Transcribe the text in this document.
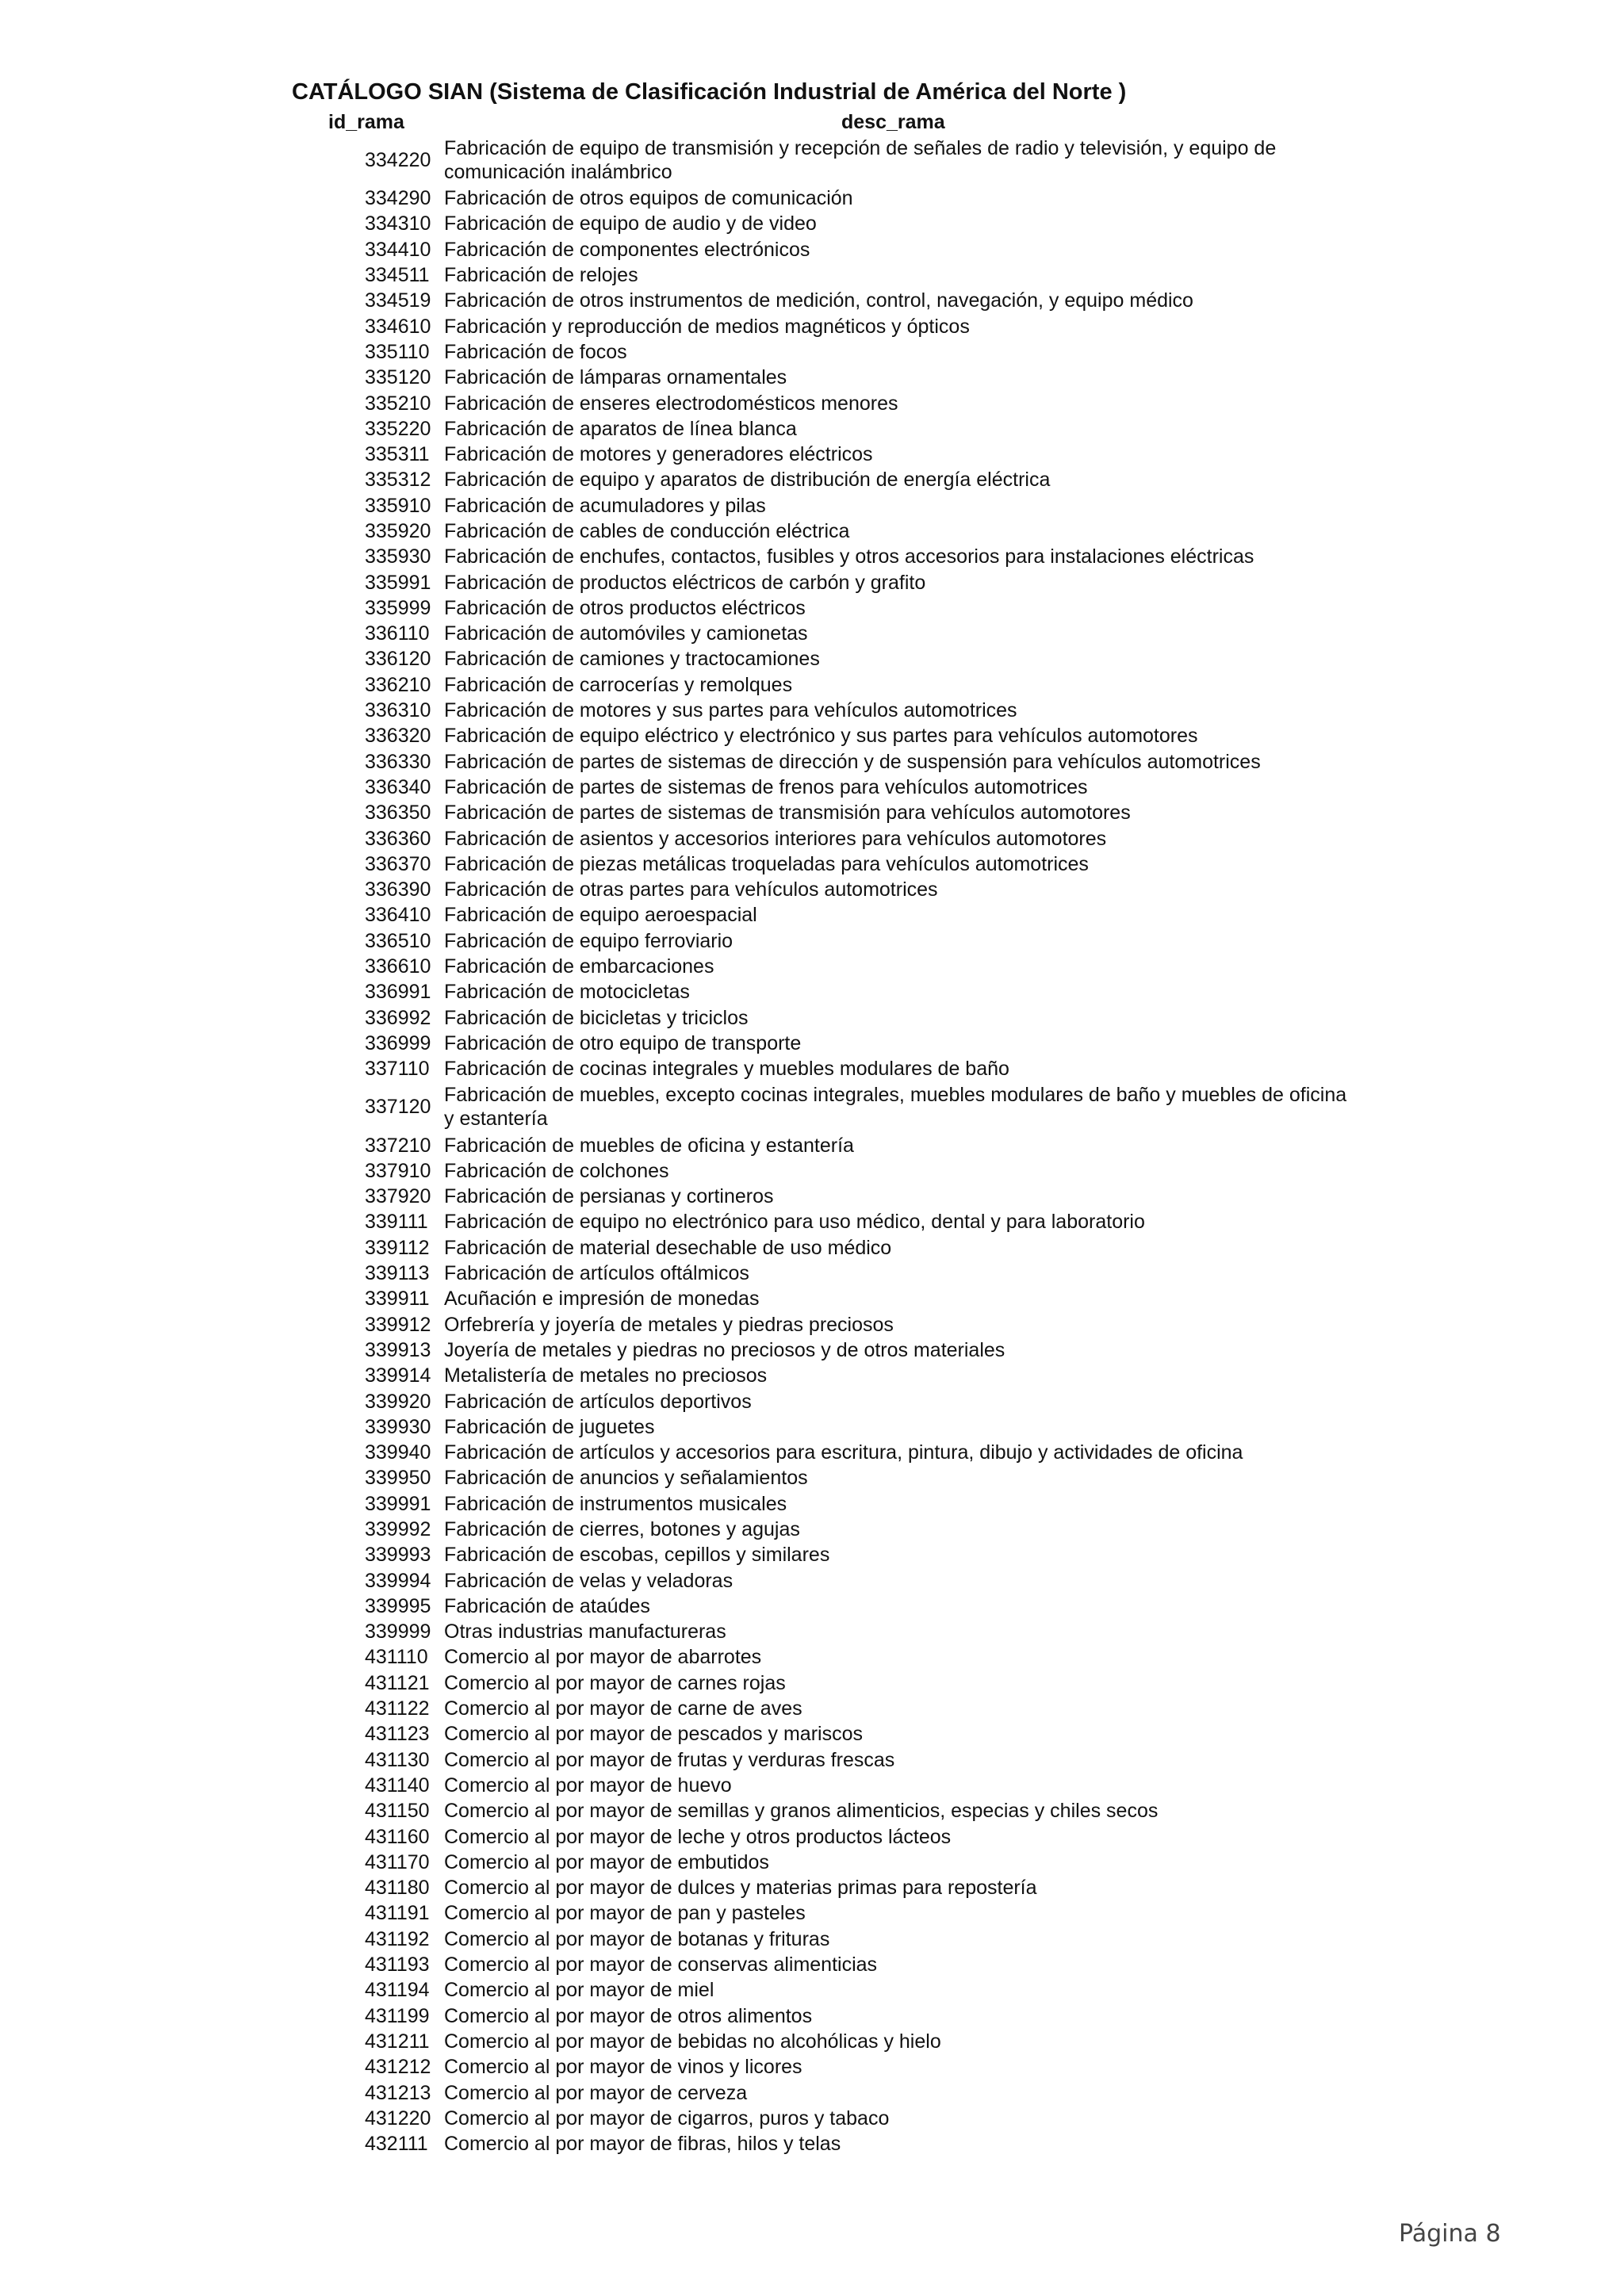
CATÁLOGO SIAN (Sistema de Clasificación Industrial de América del Norte )
id_rama	desc_rama
334220
Fabricación de equipo de transmisión y recepción de señales de radio y televisión, y equipo de comunicación inalámbrico
334290 Fabricación de otros equipos de comunicación
334310 Fabricación de equipo de audio y de video
334410 Fabricación de componentes electrónicos
334511 Fabricación de relojes
334519 Fabricación de otros instrumentos de medición, control, navegación, y equipo médico
334610 Fabricación y reproducción de medios magnéticos y ópticos
335110 Fabricación de focos
335120 Fabricación de lámparas ornamentales
335210 Fabricación de enseres electrodomésticos menores
335220 Fabricación de aparatos de línea blanca
335311 Fabricación de motores y generadores eléctricos
335312 Fabricación de equipo y aparatos de distribución de energía eléctrica
335910 Fabricación de acumuladores y pilas
335920 Fabricación de cables de conducción eléctrica
335930 Fabricación de enchufes, contactos, fusibles y otros accesorios para instalaciones eléctricas
335991 Fabricación de productos eléctricos de carbón y grafito
335999 Fabricación de otros productos eléctricos
336110 Fabricación de automóviles y camionetas
336120 Fabricación de camiones y tractocamiones
336210 Fabricación de carrocerías y remolques
336310 Fabricación de motores y sus partes para vehículos automotrices
336320 Fabricación de equipo eléctrico y electrónico y sus partes para vehículos automotores
336330 Fabricación de partes de sistemas de dirección y de suspensión para vehículos automotrices
336340 Fabricación de partes de sistemas de frenos para vehículos automotrices
336350 Fabricación de partes de sistemas de transmisión para vehículos automotores
336360 Fabricación de asientos y accesorios interiores para vehículos automotores
336370 Fabricación de piezas metálicas troqueladas para vehículos automotrices
336390 Fabricación de otras partes para vehículos automotrices
336410 Fabricación de equipo aeroespacial
336510 Fabricación de equipo ferroviario
336610 Fabricación de embarcaciones
336991 Fabricación de motocicletas
336992 Fabricación de bicicletas y triciclos
336999 Fabricación de otro equipo de transporte
337110 Fabricación de cocinas integrales y muebles modulares de baño
337120
Fabricación de muebles, excepto cocinas integrales, muebles modulares de baño y muebles de oficina y estantería
337210 Fabricación de muebles de oficina y estantería
337910 Fabricación de colchones
337920 Fabricación de persianas y cortineros
339111 Fabricación de equipo no electrónico para uso médico, dental y para laboratorio
339112 Fabricación de material desechable de uso médico
339113 Fabricación de artículos oftálmicos
339911 Acuñación e impresión de monedas
339912 Orfebrería y joyería de metales y piedras preciosos
339913 Joyería de metales y piedras no preciosos y de otros materiales
339914 Metalistería de metales no preciosos
339920 Fabricación de artículos deportivos
339930 Fabricación de juguetes
339940 Fabricación de artículos y accesorios para escritura, pintura, dibujo y actividades de oficina
339950 Fabricación de anuncios y señalamientos
339991 Fabricación de instrumentos musicales
339992 Fabricación de cierres, botones y agujas
339993 Fabricación de escobas, cepillos y similares
339994 Fabricación de velas y veladoras
339995 Fabricación de ataúdes
339999 Otras industrias manufactureras
431110 Comercio al por mayor de abarrotes
431121 Comercio al por mayor de carnes rojas
431122 Comercio al por mayor de carne de aves
431123 Comercio al por mayor de pescados y mariscos
431130 Comercio al por mayor de frutas y verduras frescas
431140 Comercio al por mayor de huevo
431150 Comercio al por mayor de semillas y granos alimenticios, especias y chiles secos
431160 Comercio al por mayor de leche y otros productos lácteos
431170 Comercio al por mayor de embutidos
431180 Comercio al por mayor de dulces y materias primas para repostería
431191 Comercio al por mayor de pan y pasteles
431192 Comercio al por mayor de botanas y frituras
431193 Comercio al por mayor de conservas alimenticias
431194 Comercio al por mayor de miel
431199 Comercio al por mayor de otros alimentos
431211 Comercio al por mayor de bebidas no alcohólicas y hielo
431212 Comercio al por mayor de vinos y licores
431213 Comercio al por mayor de cerveza
431220 Comercio al por mayor de cigarros, puros y tabaco
432111 Comercio al por mayor de fibras, hilos y telas
Página 8
